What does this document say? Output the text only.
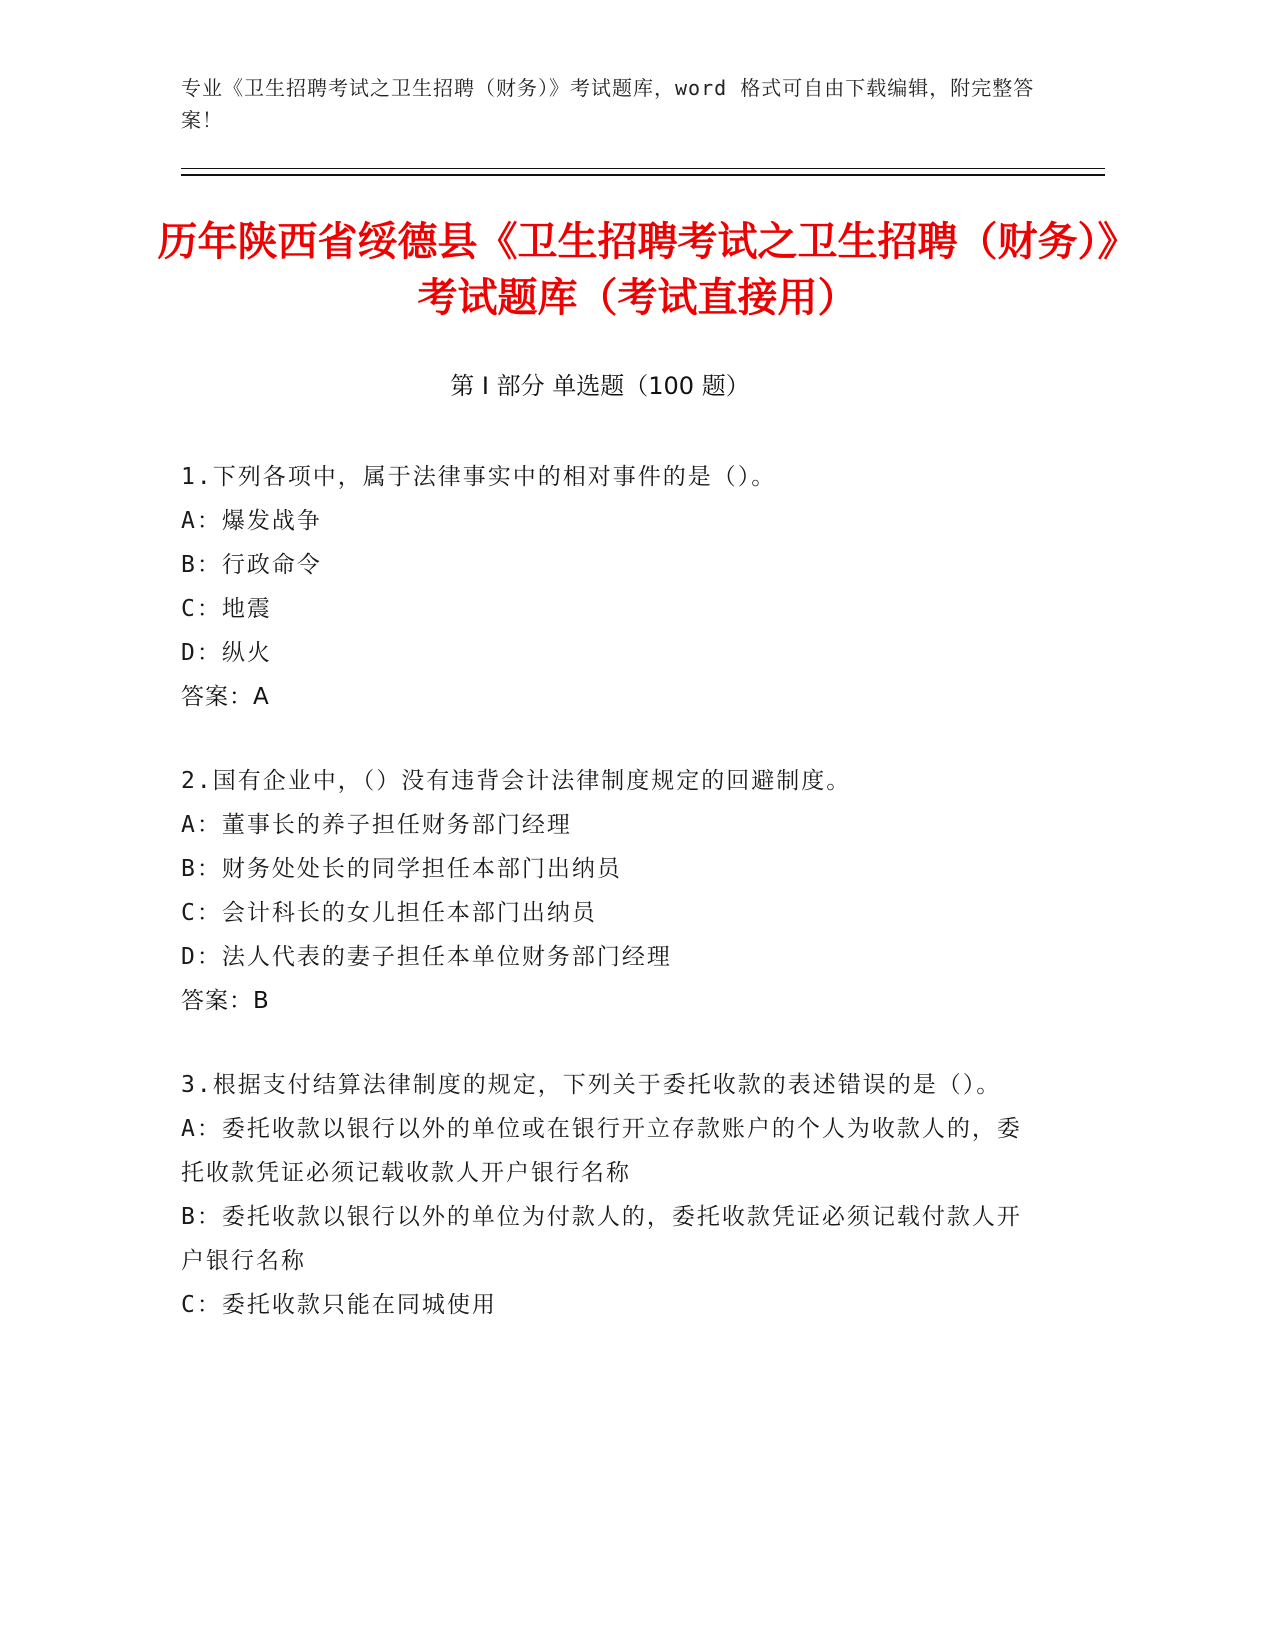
专业《卫生招聘考试之卫生招聘（财务）》考试题库，word 格式可自由下载编辑，附完整答案！
历年陕西省绥德县《卫生招聘考试之卫生招聘（财务）》考试题库（考试直接用）
第 I 部分 单选题（100 题）

1.下列各项中，属于法律事实中的相对事件的是（）。

A：爆发战争

B：行政命令

C：地震

D：纵火

答案：A

2.国有企业中，（）没有违背会计法律制度规定的回避制度。

A：董事长的养子担任财务部门经理

B：财务处处长的同学担任本部门出纳员

C：会计科长的女儿担任本部门出纳员

D：法人代表的妻子担任本单位财务部门经理

答案：B

3.根据支付结算法律制度的规定，下列关于委托收款的表述错误的是（）。

A：委托收款以银行以外的单位或在银行开立存款账户的个人为收款人的，委托收款凭证必须记载收款人开户银行名称

B：委托收款以银行以外的单位为付款人的，委托收款凭证必须记载付款人开户银行名称

C：委托收款只能在同城使用
